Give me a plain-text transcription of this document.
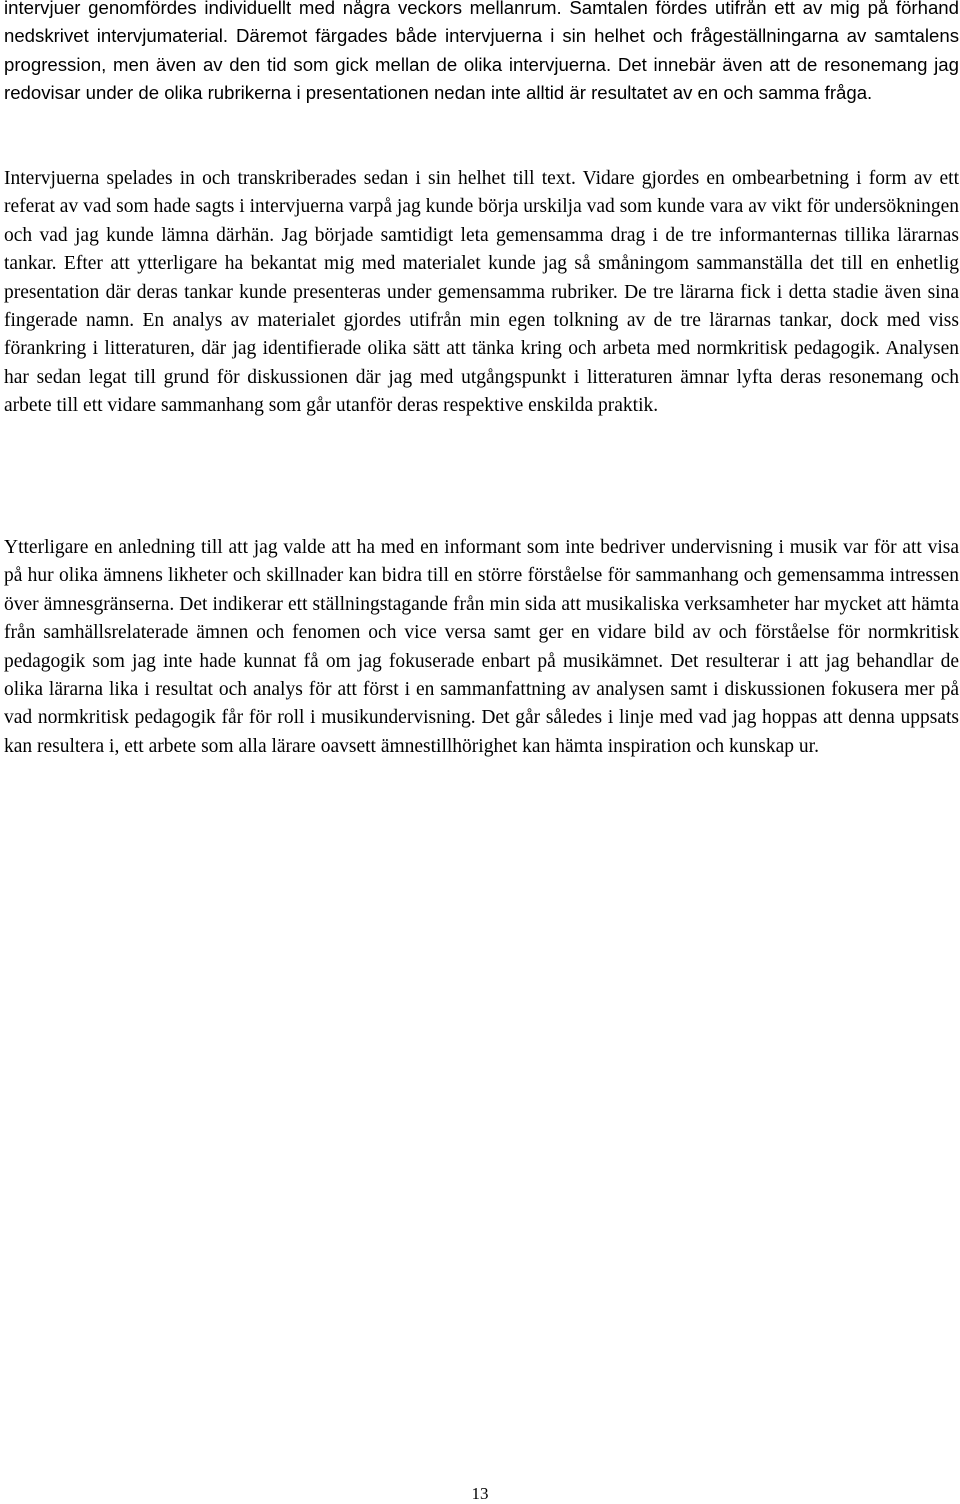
intervjuer genomfördes individuellt med några veckors mellanrum. Samtalen fördes utifrån ett av mig på förhand nedskrivet intervjumaterial. Däremot färgades både intervjuerna i sin helhet och frågeställningarna av samtalens progression, men även av den tid som gick mellan de olika intervjuerna. Det innebär även att de resonemang jag redovisar under de olika rubrikerna i presentationen nedan inte alltid är resultatet av en och samma fråga.

Intervjuerna spelades in och transkriberades sedan i sin helhet till text. Vidare gjordes en ombearbetning i form av ett referat av vad som hade sagts i intervjuerna varpå jag kunde börja urskilja vad som kunde vara av vikt för undersökningen och vad jag kunde lämna därhän. Jag började samtidigt leta gemensamma drag i de tre informanternas tillika lärarnas tankar. Efter att ytterligare ha bekantat mig med materialet kunde jag så småningom sammanställa det till en enhetlig presentation där deras tankar kunde presenteras under gemensamma rubriker. De tre lärarna fick i detta stadie även sina fingerade namn. En analys av materialet gjordes utifrån min egen tolkning av de tre lärarnas tankar, dock med viss förankring i litteraturen, där jag identifierade olika sätt att tänka kring och arbeta med normkritisk pedagogik. Analysen har sedan legat till grund för diskussionen där jag med utgångspunkt i litteraturen ämnar lyfta deras resonemang och arbete till ett vidare sammanhang som går utanför deras respektive enskilda praktik.

Ytterligare en anledning till att jag valde att ha med en informant som inte bedriver undervisning i musik var för att visa på hur olika ämnens likheter och skillnader kan bidra till en större förståelse för sammanhang och gemensamma intressen över ämnesgränserna. Det indikerar ett ställningstagande från min sida att musikaliska verksamheter har mycket att hämta från samhällsrelaterade ämnen och fenomen och vice versa samt ger en vidare bild av och förståelse för normkritisk pedagogik som jag inte hade kunnat få om jag fokuserade enbart på musikämnet. Det resulterar i att jag behandlar de olika lärarna lika i resultat och analys för att först i en sammanfattning av analysen samt i diskussionen fokusera mer på vad normkritisk pedagogik får för roll i musikundervisning. Det går således i linje med vad jag hoppas att denna uppsats kan resultera i, ett arbete som alla lärare oavsett ämnestillhörighet kan hämta inspiration och kunskap ur.

13
